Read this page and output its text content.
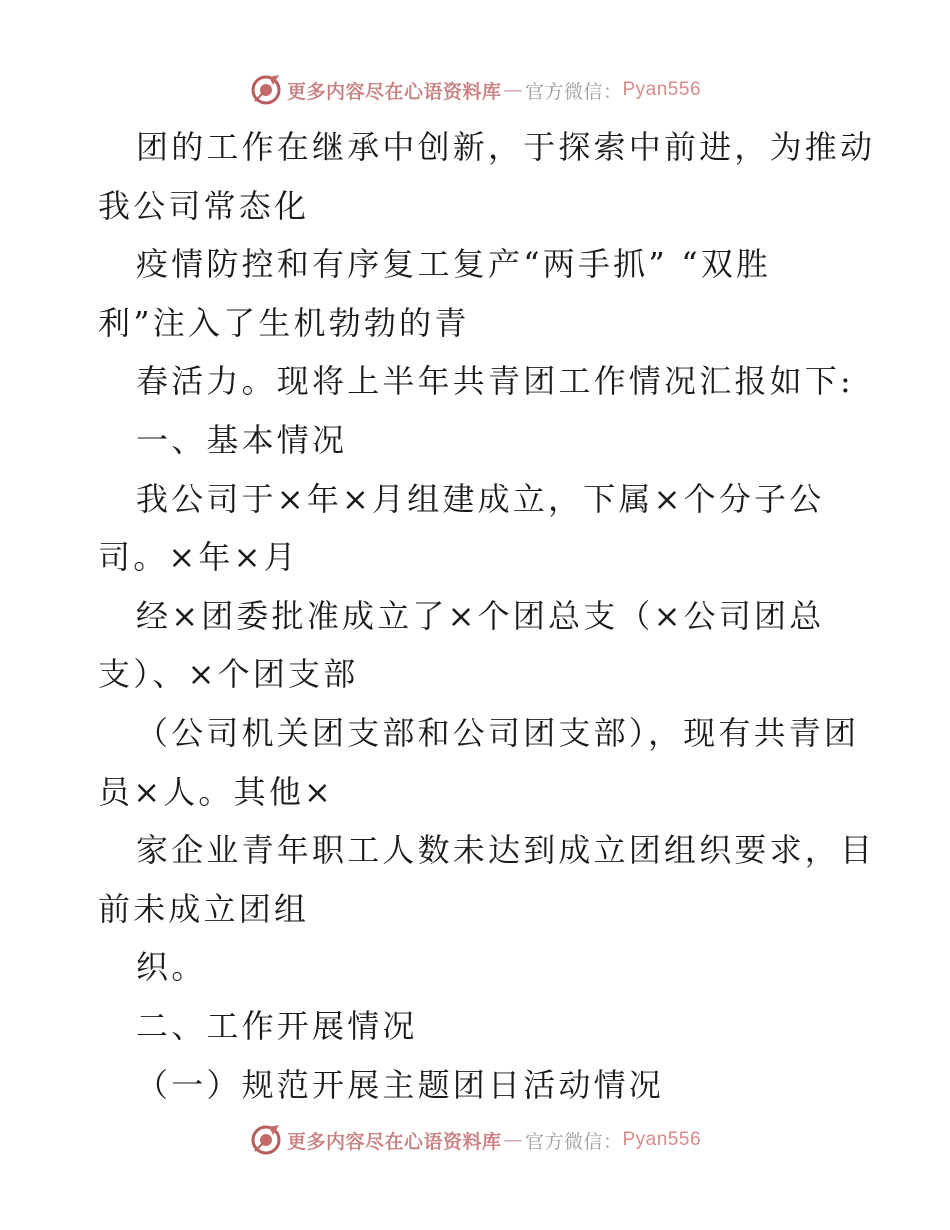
更多内容尽在心语资料库 — 官方微信： Pyan556
团的工作在继承中创新，于探索中前进，为推动
我公司常态化
疫情防控和有序复工复产“两手抓” “双胜
利”注入了生机勃勃的青
春活力。现将上半年共青团工作情况汇报如下:
一、基本情况
我公司于×年×月组建成立，下属×个分子公
司。×年×月
经×团委批准成立了×个团总支（×公司团总
支）、×个团支部
（公司机关团支部和公司团支部），现有共青团
员×人。其他×
家企业青年职工人数未达到成立团组织要求，目
前未成立团组
织。
二、工作开展情况
（一）规范开展主题团日活动情况
更多内容尽在心语资料库 — 官方微信： Pyan556
